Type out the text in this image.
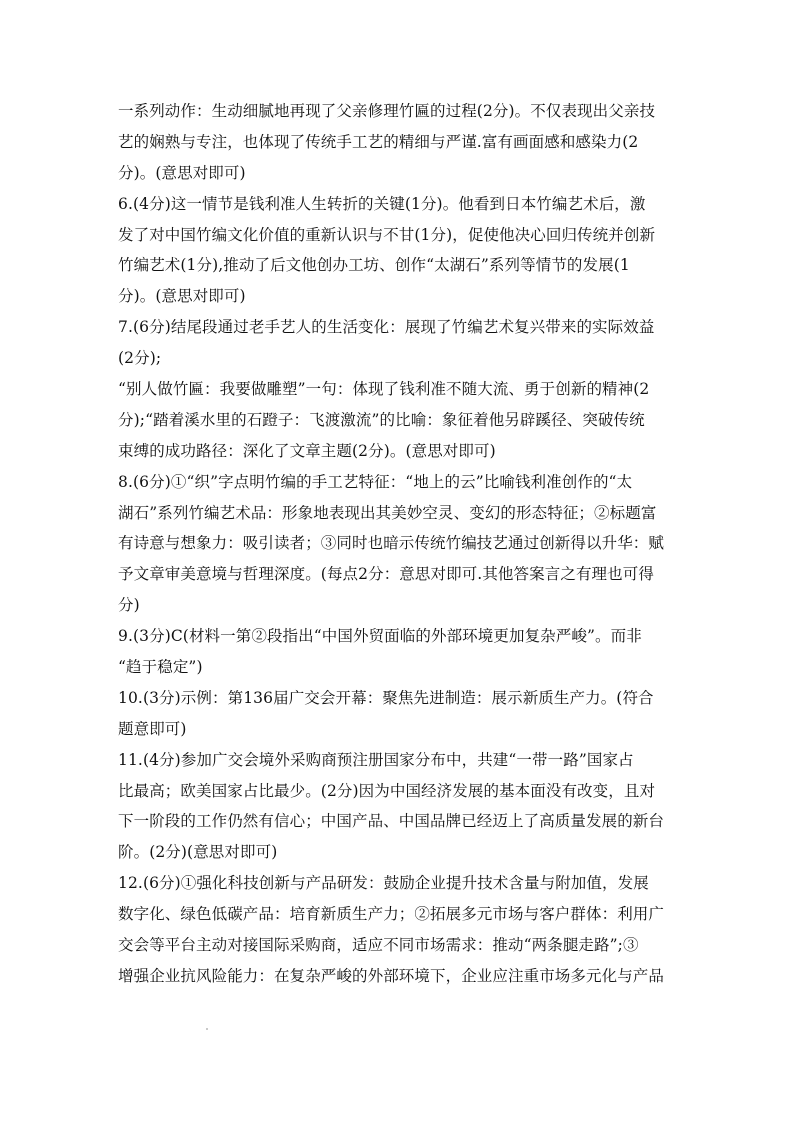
一系列动作：生动细腻地再现了父亲修理竹匾的过程(2分)。不仅表现出父亲技
艺的娴熟与专注，也体现了传统手工艺的精细与严谨.富有画面感和感染力(2
分)。(意思对即可)
6.(4分)这一情节是钱利准人生转折的关键(1分)。他看到日本竹编艺术后，激
发了对中国竹编文化价值的重新认识与不甘(1分)，促使他决心回归传统并创新
竹编艺术(1分),推动了后文他创办工坊、创作“太湖石”系列等情节的发展(1
分)。(意思对即可)
7.(6分)结尾段通过老手艺人的生活变化：展现了竹编艺术复兴带来的实际效益
(2分);
“别人做竹匾：我要做雕塑”一句：体现了钱利准不随大流、勇于创新的精神(2
分);“踏着溪水里的石蹬子：飞渡激流”的比喻：象征着他另辟蹊径、突破传统
束缚的成功路径：深化了文章主题(2分)。(意思对即可)
8.(6分)①“织”字点明竹编的手工艺特征：“地上的云”比喻钱利准创作的“太
湖石”系列竹编艺术品：形象地表现出其美妙空灵、变幻的形态特征；②标题富
有诗意与想象力：吸引读者；③同时也暗示传统竹编技艺通过创新得以升华：赋
予文章审美意境与哲理深度。(每点2分：意思对即可.其他答案言之有理也可得
分)
9.(3分)C(材料一第②段指出“中国外贸面临的外部环境更加复杂严峻”。而非
“趋于稳定”)
10.(3分)示例：第136届广交会开幕：聚焦先进制造：展示新质生产力。(符合
题意即可)
11.(4分)参加广交会境外采购商预注册国家分布中，共建“一带一路”国家占
比最高；欧美国家占比最少。(2分)因为中国经济发展的基本面没有改变，且对
下一阶段的工作仍然有信心；中国产品、中国品牌已经迈上了高质量发展的新台
阶。(2分)(意思对即可)
12.(6分)①强化科技创新与产品研发：鼓励企业提升技术含量与附加值，发展
数字化、绿色低碳产品：培育新质生产力；②拓展多元市场与客户群体：利用广
交会等平台主动对接国际采购商，适应不同市场需求：推动“两条腿走路”;③
增强企业抗风险能力：在复杂严峻的外部环境下，企业应注重市场多元化与产品
